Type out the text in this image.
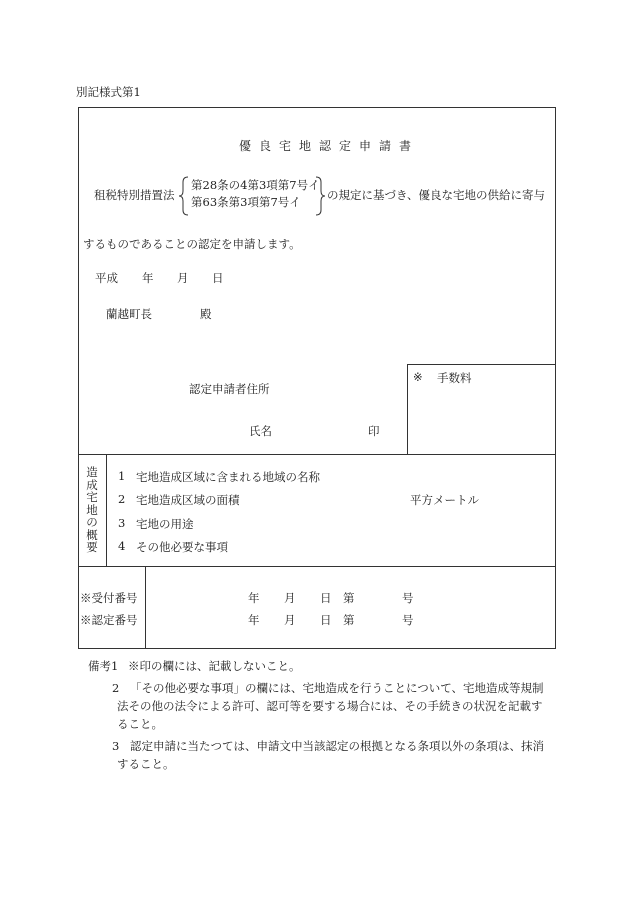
別記様式第1
優良宅地認定申請書
租税特別措置法
第28条の4第3項第7号イ
第63条第3項第7号イ の規定に基づき、優良な宅地の供給に寄与
するものであることの認定を申請します。
平成 年 月 日
蘭越町長	殿
※ 手数料
認定申請者住所
氏名	印
造
成
宅
地
の
概
要
1 宅地造成区域に含まれる地域の名称
2 宅地造成区域の面積	平方メートル
3 宅地の用途
4 その他必要な事項
※受付番号	年 月 日 第	号
※認定番号	年 月 日 第	号
備考1 ※印の欄には、記載しないこと。
2 「その他必要な事項」の欄には、宅地造成を行うことについて、宅地造成等規制
法その他の法令による許可、認可等を要する場合には、その手続きの状況を記載す
ること。
3 認定申請に当たつては、申請文中当該認定の根拠となる条項以外の条項は、抹消
すること。
